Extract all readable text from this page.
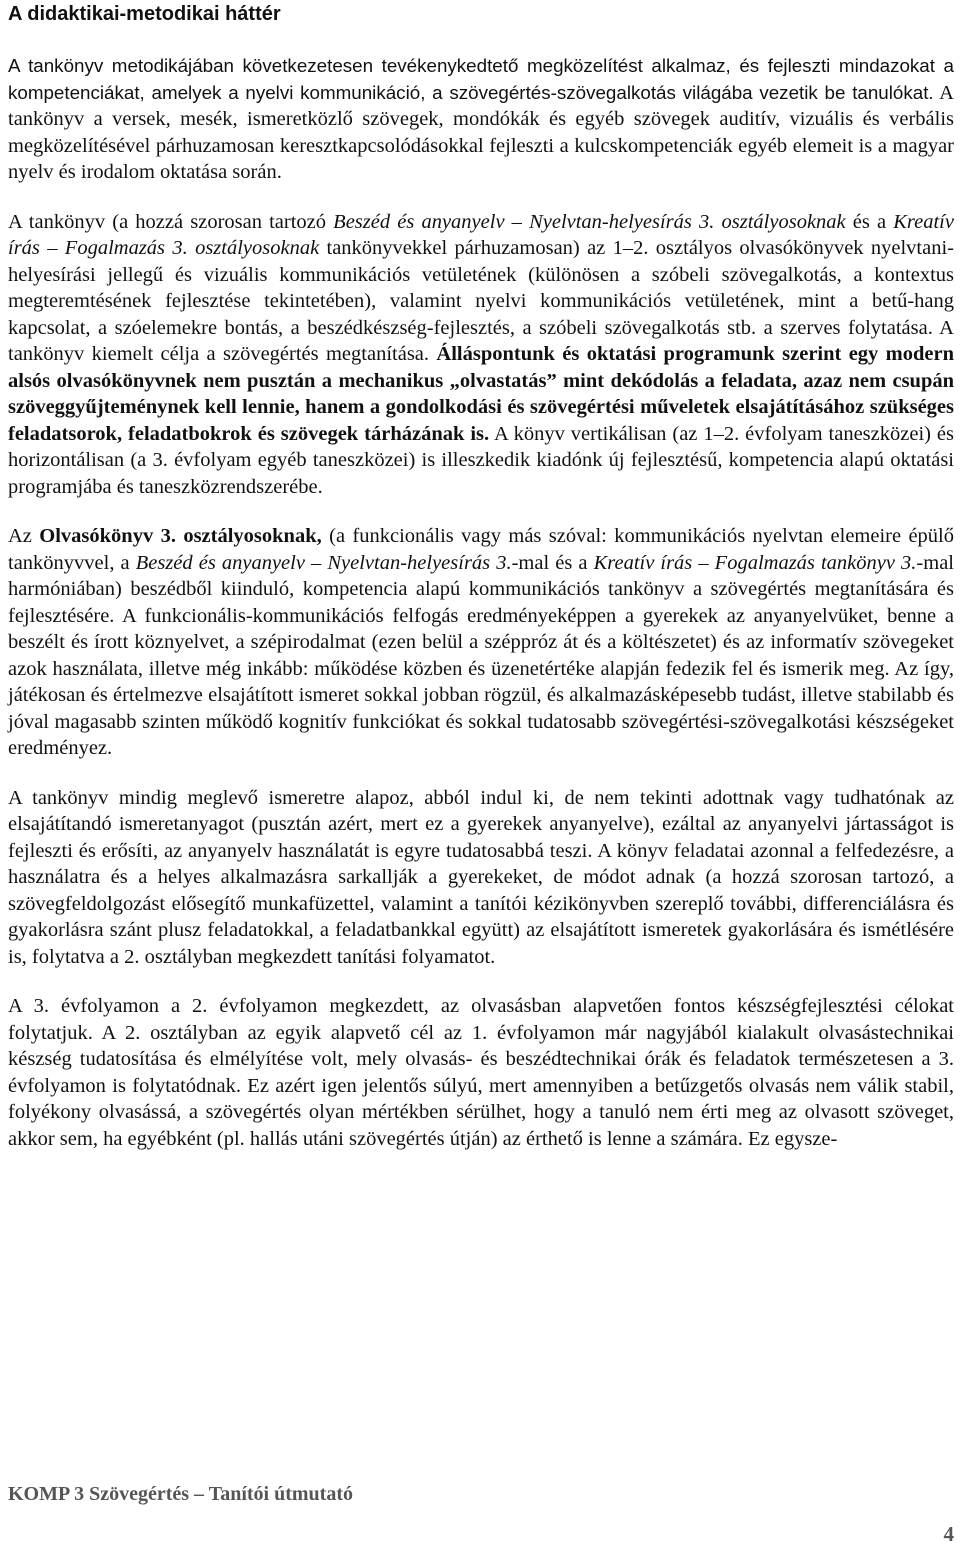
A didaktikai-metodikai háttér

A tankönyv metodikájában következetesen tevékenykedtető megközelítést alkalmaz, és fejleszti mindazokat a kompetenciákat, amelyek a nyelvi kommunikáció, a szövegértés-szövegalkotás világába vezetik be tanulókat. A tankönyv a versek, mesék, ismeretközlő szövegek, mondókák és egyéb szövegek auditív, vizuális és verbális megközelítésével párhuzamosan keresztkapcsolódásokkal fejleszti a kulcskompetenciák egyéb elemeit is a magyar nyelv és irodalom oktatása során.

A tankönyv (a hozzá szorosan tartozó Beszéd és anyanyelv – Nyelvtan-helyesírás 3. osztályosoknak és a Kreatív írás – Fogalmazás 3. osztályosoknak tankönyvekkel párhuzamosan) az 1–2. osztályos olvasókönyvek nyelvtani-helyesírási jellegű és vizuális kommunikációs vetületének (különösen a szóbeli szövegalkotás, a kontextus megteremtésének fejlesztése tekintetében), valamint nyelvi kommunikációs vetületének, mint a betű-hang kapcsolat, a szóelemekre bontás, a beszédkészség-fejlesztés, a szóbeli szövegalkotás stb. a szerves folytatása. A tankönyv kiemelt célja a szövegértés megtanítása. Álláspontunk és oktatási programunk szerint egy modern alsós olvasókönyvnek nem pusztán a mechanikus „olvastatás” mint dekódolás a feladata, azaz nem csupán szöveggyűjteménynek kell lennie, hanem a gondolkodási és szövegértési műveletek elsajátításához szükséges feladatsorok, feladatbokrok és szövegek tárházának is. A könyv vertikálisan (az 1–2. évfolyam taneszközei) és horizontálisan (a 3. évfolyam egyéb taneszközei) is illeszkedik kiadónk új fejlesztésű, kompetencia alapú oktatási programjába és taneszközrendszerébe.

Az Olvasókönyv 3. osztályosoknak, (a funkcionális vagy más szóval: kommunikációs nyelvtan elemeire épülő tankönyvvel, a Beszéd és anyanyelv – Nyelvtan-helyesírás 3.-mal és a Kreatív írás – Fogalmazás tankönyv 3.-mal harmóniában) beszédből kiinduló, kompetencia alapú kommunikációs tankönyv a szövegértés megtanítására és fejlesztésére. A funkcionális-kommunikációs felfogás eredményeképpen a gyerekek az anyanyelvüket, benne a beszélt és írott köznyelvet, a szépirodalmat (ezen belül a széppróz át és a költészetet) és az informatív szövegeket azok használata, illetve még inkább: működése közben és üzenetértéke alapján fedezik fel és ismerik meg. Az így, játékosan és értelmezve elsajátított ismeret sokkal jobban rögzül, és alkalmazásképesebb tudást, illetve stabilabb és jóval magasabb szinten működő kognitív funkciókat és sokkal tudatosabb szövegértési-szövegalkotási készségeket eredményez.

A tankönyv mindig meglevő ismeretre alapoz, abból indul ki, de nem tekinti adottnak vagy tudhatónak az elsajátítandó ismeretanyagot (pusztán azért, mert ez a gyerekek anyanyelve), ezáltal az anyanyelvi jártasságot is fejleszti és erősíti, az anyanyelv használatát is egyre tudatosabbá teszi. A könyv feladatai azonnal a felfedezésre, a használatra és a helyes alkalmazásra sarkallják a gyerekeket, de módot adnak (a hozzá szorosan tartozó, a szövegfeldolgozást elősegítő munkafüzettel, valamint a tanítói kézikönyvben szereplő további, differenciálásra és gyakorlásra szánt plusz feladatokkal, a feladatbankkal együtt) az elsajátított ismeretek gyakorlására és ismétlésére is, folytatva a 2. osztályban megkezdett tanítási folyamatot.

A 3. évfolyamon a 2. évfolyamon megkezdett, az olvasásban alapvetően fontos készségfejlesztési célokat folytatjuk. A 2. osztályban az egyik alapvető cél az 1. évfolyamon már nagyjából kialakult olvasástechnikai készség tudatosítása és elmélyítése volt, mely olvasás- és beszédtechnikai órák és feladatok természetesen a 3. évfolyamon is folytatódnak. Ez azért igen jelentős súlyú, mert amennyiben a betűzgetős olvasás nem válik stabil, folyékony olvasássá, a szövegértés olyan mértékben sérülhet, hogy a tanuló nem érti meg az olvasott szöveget, akkor sem, ha egyébként (pl. hallás utáni szövegértés útján) az érthető is lenne a számára. Ez egysze-

KOMP 3 Szövegértés – Tanítói útmutató
4
